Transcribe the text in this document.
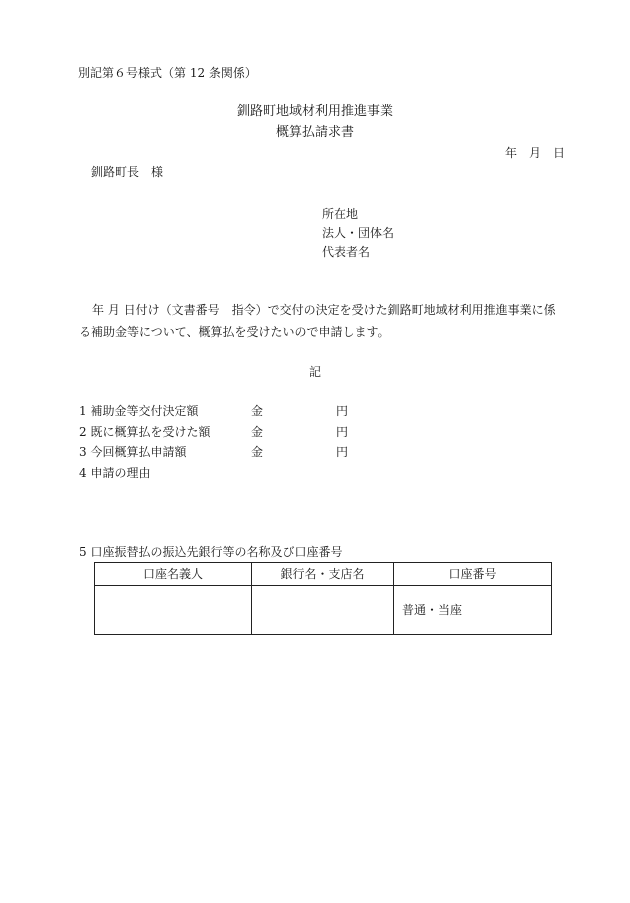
別記第６号様式（第 12 条関係）
釧路町地域材利用推進事業
概算払請求書
年　月　日
釧路町長　様
所在地
法人・団体名
代表者名
年 月 日付け（文書番号　指令）で交付の決定を受けた釧路町地域材利用推進事業に係
る補助金等について、概算払を受けたいので申請します。
記
1 補助金等交付決定額	金	円
2 既に概算払を受けた額	金	円
3 今回概算払申請額	金	円
4 申請の理由
5 口座振替払の振込先銀行等の名称及び口座番号
口座名義人	銀行名・支店名	口座番号
		普通・当座
